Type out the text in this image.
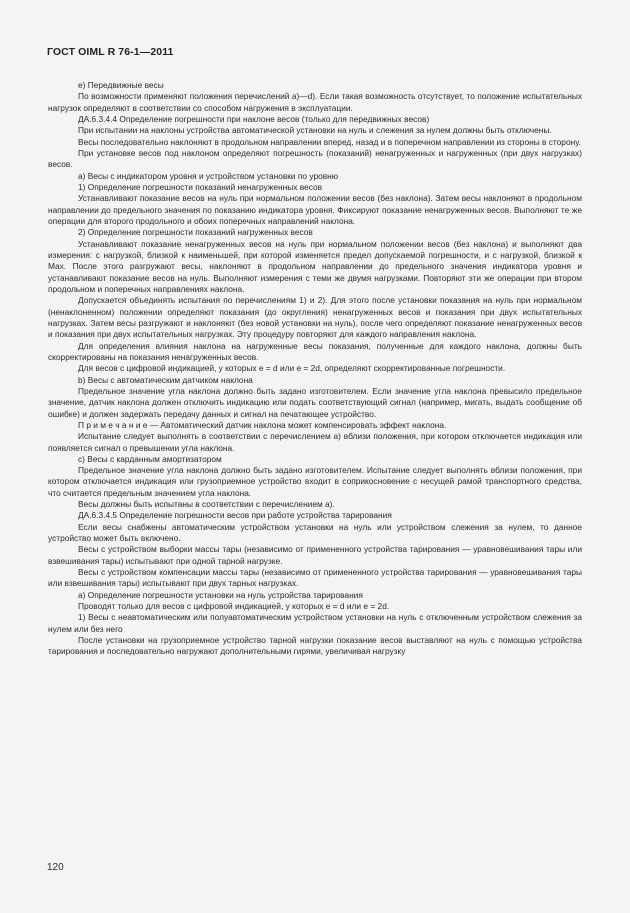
ГОСТ OIML R 76-1—2011

e) Передвижные весы

По возможности применяют положения перечислений a)—d). Если такая возможность отсутствует, то положение испытательных нагрузок определяют в соответствии со способом нагружения в эксплуатации.

ДА.6.3.4.4 Определение погрешности при наклоне весов (только для передвижных весов)

При испытании на наклоны устройства автоматической установки на нуль и слежения за нулем должны быть отключены.

Весы последовательно наклоняют в продольном направлении вперед, назад и в поперечном направлении из стороны в сторону.

При установке весов под наклоном определяют погрешность (показаний) ненагруженных и нагруженных (при двух нагрузках) весов.

a) Весы с индикатором уровня и устройством установки по уровню

1) Определение погрешности показаний ненагруженных весов

Устанавливают показание весов на нуль при нормальном положении весов (без наклона). Затем весы наклоняют в продольном направлении до предельного значения по показанию индикатора уровня. Фиксируют показание ненагруженных весов. Выполняют те же операции для второго продольного и обоих поперечных направлений наклона.

2) Определение погрешности показаний нагруженных весов

Устанавливают показание ненагруженных весов на нуль при нормальном положении весов (без наклона) и выполняют два измерения: с нагрузкой, близкой к наименьшей, при которой изменяется предел допускаемой погрешности, и с нагрузкой, близкой к Max. После этого разгружают весы, наклоняют в продольном направлении до предельного значения индикатора уровня и устанавливают показание весов на нуль. Выполняют измерения с теми же двумя нагрузками. Повторяют эти же операции при втором продольном и поперечных направлениях наклона.

Допускается объединять испытания по перечислениям 1) и 2). Для этого после установки показания на нуль при нормальном (ненаклоненном) положении определяют показания (до округления) ненагруженных весов и показания при двух испытательных нагрузках. Затем весы разгружают и наклоняют (без новой установки на нуль), после чего определяют показание ненагруженных весов и показания при двух испытательных нагрузках. Эту процедуру повторяют для каждого направления наклона.

Для определения влияния наклона на нагруженные весы показания, полученные для каждого наклона, должны быть скорректированы на показания ненагруженных весов.

Для весов с цифровой индикацией, у которых e = d или e = 2d, определяют скорректированные погрешности.

b) Весы с автоматическим датчиком наклона

Предельное значение угла наклона должно быть задано изготовителем. Если значение угла наклона превысило предельное значение, датчик наклона должен отключить индикацию или подать соответствующий сигнал (например, мигать, выдать сообщение об ошибке) и должен задержать передачу данных и сигнал на печатающее устройство.

П р и м е ч а н и е — Автоматический датчик наклона может компенсировать эффект наклона.

Испытание следует выполнять в соответствии с перечислением a) вблизи положения, при котором отключается индикация или появляется сигнал о превышении угла наклона.

c) Весы с карданным амортизатором

Предельное значение угла наклона должно быть задано изготовителем. Испытание следует выполнять вблизи положения, при котором отключается индикация или грузоприемное устройство входит в соприкосновение с несущей рамой транспортного средства, что считается предельным значением угла наклона.

Весы должны быть испытаны в соответствии с перечислением a).

ДА.6.3.4.5 Определение погрешности весов при работе устройства тарирования

Если весы снабжены автоматическим устройством установки на нуль или устройством слежения за нулем, то данное устройство может быть включено.

Весы с устройством выборки массы тары (независимо от примененного устройства тарирования — уравновешивания тары или взвешивания тары) испытывают при одной тарной нагрузке.

Весы с устройством компенсации массы тары (независимо от примененного устройства тарирования — уравновешивания тары или взвешивания тары) испытывают при двух тарных нагрузках.

a) Определение погрешности установки на нуль устройства тарирования

Проводят только для весов с цифровой индикацией, у которых e = d или e = 2d.

1) Весы с неавтоматическим или полуавтоматическим устройством установки на нуль с отключенным устройством слежения за нулем или без него

После установки на грузоприемное устройство тарной нагрузки показание весов выставляют на нуль с помощью устройства тарирования и последовательно нагружают дополнительными гирями, увеличивая нагрузку

120
